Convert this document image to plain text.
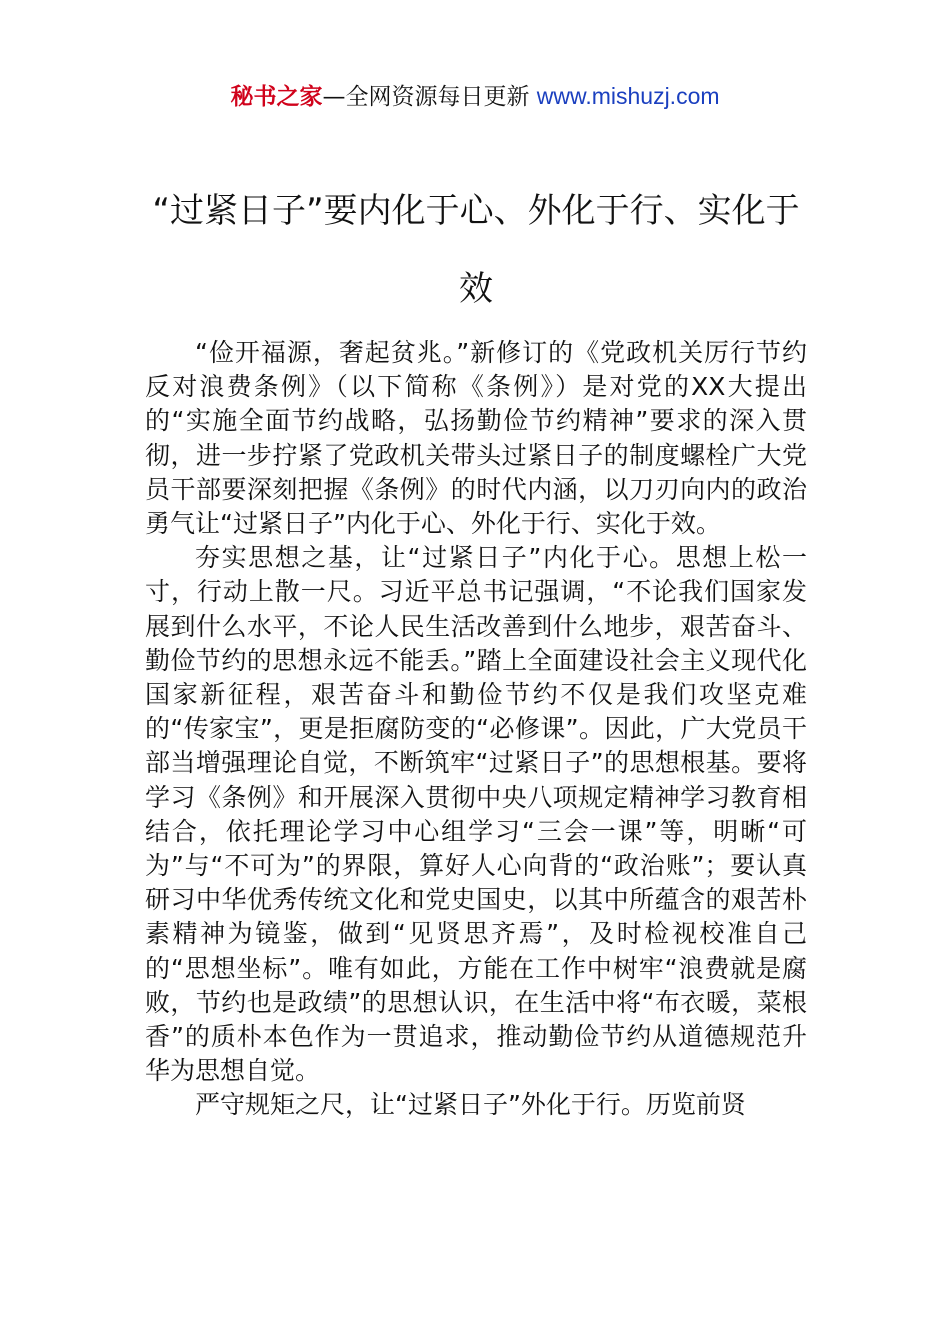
秘书之家—全网资源每日更新 www.mishuzj.com
“过紧日子”要内化于心、外化于行、实化于效

“俭开福源，奢起贫兆。”新修订的《党政机关厉行节约反对浪费条例》（以下简称《条例》）是对党的XX大提出的“实施全面节约战略，弘扬勤俭节约精神”要求的深入贯彻，进一步拧紧了党政机关带头过紧日子的制度螺栓广大党员干部要深刻把握《条例》的时代内涵，以刀刃向内的政治勇气让“过紧日子”内化于心、外化于行、实化于效。

夯实思想之基，让“过紧日子”内化于心。思想上松一寸，行动上散一尺。习近平总书记强调，“不论我们国家发展到什么水平，不论人民生活改善到什么地步，艰苦奋斗、勤俭节约的思想永远不能丢。”踏上全面建设社会主义现代化国家新征程，艰苦奋斗和勤俭节约不仅是我们攻坚克难的“传家宝”，更是拒腐防变的“必修课”。因此，广大党员干部当增强理论自觉，不断筑牢“过紧日子”的思想根基。要将学习《条例》和开展深入贯彻中央八项规定精神学习教育相结合，依托理论学习中心组学习“三会一课”等，明晰“可为”与“不可为”的界限，算好人心向背的“政治账”；要认真研习中华优秀传统文化和党史国史，以其中所蕴含的艰苦朴素精神为镜鉴，做到“见贤思齐焉”，及时检视校准自己的“思想坐标”。唯有如此，方能在工作中树牢“浪费就是腐败，节约也是政绩”的思想认识，在生活中将“布衣暖，菜根香”的质朴本色作为一贯追求，推动勤俭节约从道德规范升华为思想自觉。

严守规矩之尺，让“过紧日子”外化于行。历览前贤
